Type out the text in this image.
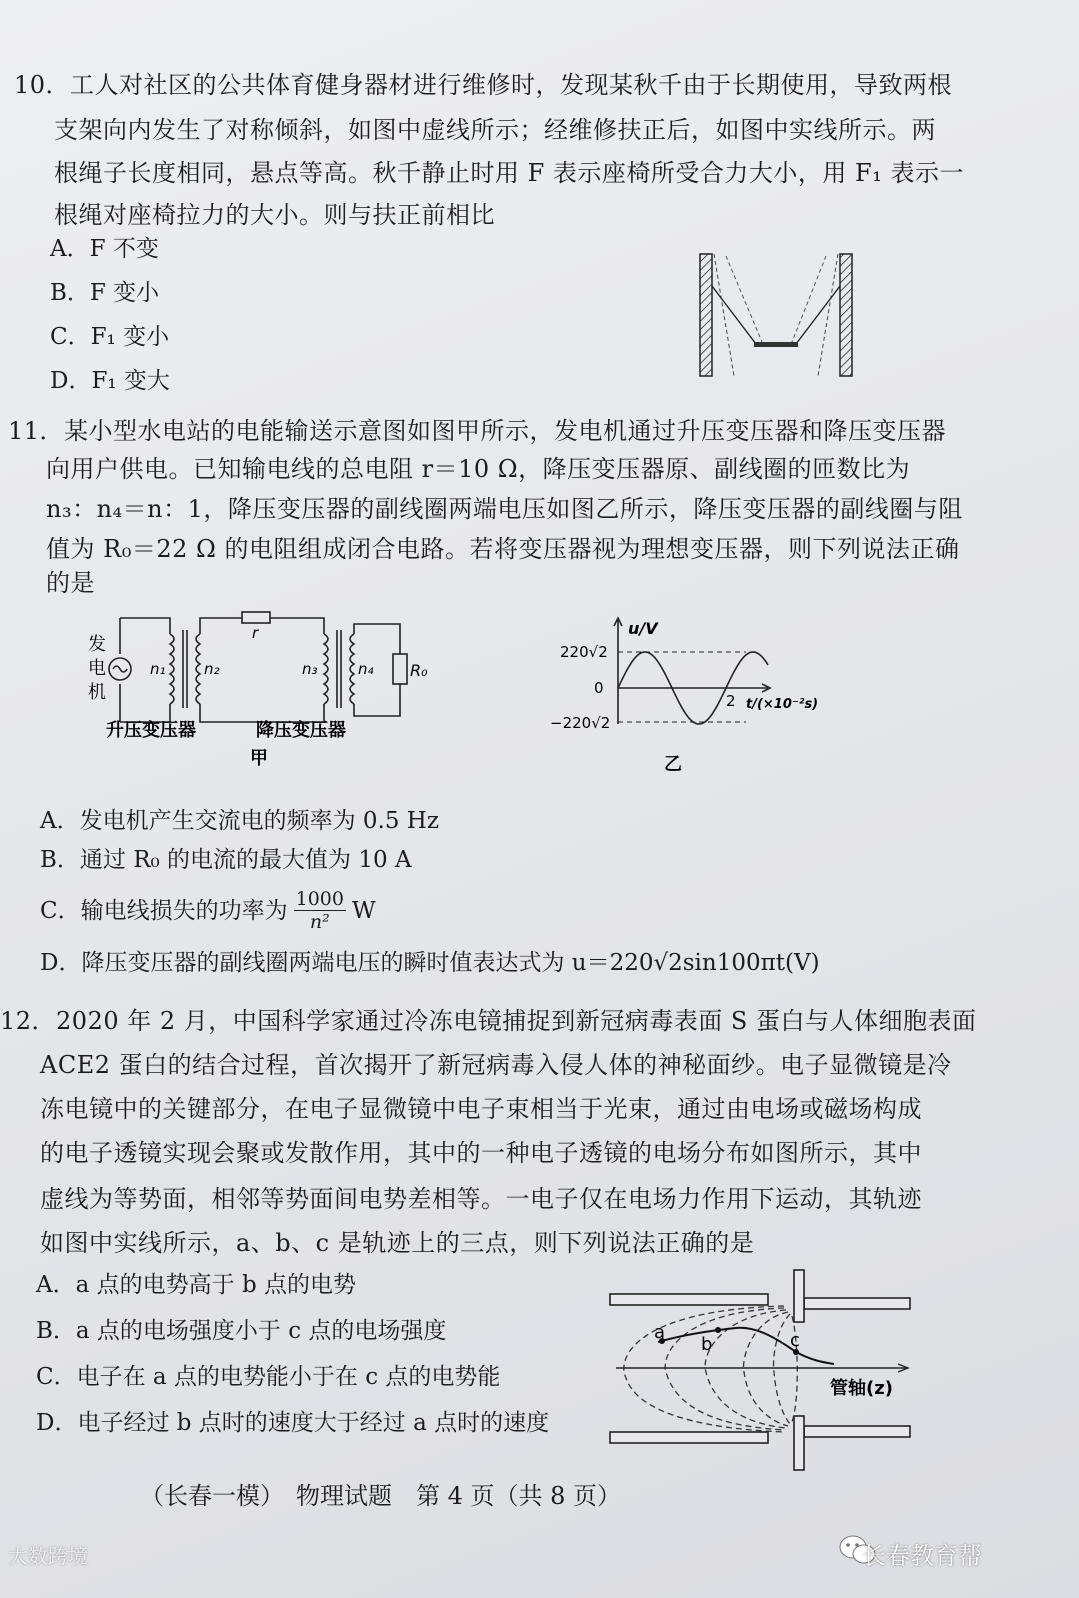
10．工人对社区的公共体育健身器材进行维修时，发现某秋千由于长期使用，导致两根
支架向内发生了对称倾斜，如图中虚线所示；经维修扶正后，如图中实线所示。两
根绳子长度相同，悬点等高。秋千静止时用 F 表示座椅所受合力大小，用 F₁ 表示一
根绳对座椅拉力的大小。则与扶正前相比
A．F 不变
B．F 变小
C．F₁ 变小
D．F₁ 变大
11．某小型水电站的电能输送示意图如图甲所示，发电机通过升压变压器和降压变压器
向用户供电。已知输电线的总电阻 r＝10 Ω，降压变压器原、副线圈的匝数比为
n₃：n₄＝n：1，降压变压器的副线圈两端电压如图乙所示，降压变压器的副线圈与阻
值为 R₀＝22 Ω 的电阻组成闭合电路。若将变压器视为理想变压器，则下列说法正确
的是
发
电
机
n₁	n₂
r
n₃	n₄ R₀
升压变压器	降压变压器
甲
u/V
220√2
0
−220√2
2 t/(×10⁻²s)
乙
A．发电机产生交流电的频率为 0.5 Hz
B．通过 R₀ 的电流的最大值为 10 A
C．输电线损失的功率为 $\frac{1000}{\text{n²}}$ W
D．降压变压器的副线圈两端电压的瞬时值表达式为 u＝220√2sin100πt(V)
12．2020 年 2 月，中国科学家通过冷冻电镜捕捉到新冠病毒表面 S 蛋白与人体细胞表面
ACE2 蛋白的结合过程，首次揭开了新冠病毒入侵人体的神秘面纱。电子显微镜是冷
冻电镜中的关键部分，在电子显微镜中电子束相当于光束，通过由电场或磁场构成
的电子透镜实现会聚或发散作用，其中的一种电子透镜的电场分布如图所示，其中
虚线为等势面，相邻等势面间电势差相等。一电子仅在电场力作用下运动，其轨迹
如图中实线所示，a、b、c 是轨迹上的三点，则下列说法正确的是
A．a 点的电势高于 b 点的电势
B．a 点的电场强度小于 c 点的电场强度
C．电子在 a 点的电势能小于在 c 点的电势能
D．电子经过 b 点时的速度大于经过 a 点时的速度
a
b	c
管轴(z)
（长春一模）　物理试题　第 4 页（共 8 页）
大数跨境	长春教育帮
